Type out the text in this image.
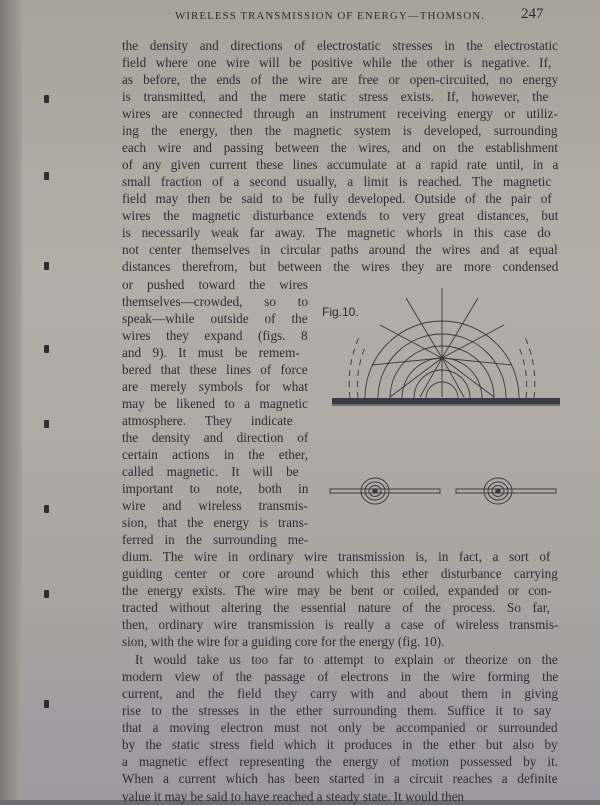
WIRELESS TRANSMISSION OF ENERGY—THOMSON. 247
the density and directions of electrostatic stresses in the electrostatic
field where one wire will be positive while the other is negative. If,
as before, the ends of the wire are free or open-circuited, no energy
is transmitted, and the mere static stress exists. If, however, the
wires are connected through an instrument receiving energy or utiliz-
ing the energy, then the magnetic system is developed, surrounding
each wire and passing between the wires, and on the establishment
of any given current these lines accumulate at a rapid rate until, in a
small fraction of a second usually, a limit is reached. The magnetic
field may then be said to be fully developed. Outside of the pair of
wires the magnetic disturbance extends to very great distances, but
is necessarily weak far away. The magnetic whorls in this case do
not center themselves in circular paths around the wires and at equal
distances therefrom, but between the wires they are more condensed
or pushed toward the wires
themselves—crowded, so to
speak—while outside of the
wires they expand (figs. 8
and 9). It must be remem-
bered that these lines of force
are merely symbols for what
may be likened to a magnetic
atmosphere. They indicate
the density and direction of
certain actions in the ether,
called magnetic. It will be
important to note, both in
wire and wireless transmis-
sion, that the energy is trans-
ferred in the surrounding me-
dium. The wire in ordinary wire transmission is, in fact, a sort of
guiding center or core around which this ether disturbance carrying
the energy exists. The wire may be bent or coiled, expanded or con-
tracted without altering the essential nature of the process. So far,
then, ordinary wire transmission is really a case of wireless transmis-
sion, with the wire for a guiding core for the energy (fig. 10).
It would take us too far to attempt to explain or theorize on the
modern view of the passage of electrons in the wire forming the
current, and the field they carry with and about them in giving
rise to the stresses in the ether surrounding them. Suffice it to say
that a moving electron must not only be accompanied or surrounded
by the static stress field which it produces in the ether but also by
a magnetic effect representing the energy of motion possessed by it.
When a current which has been started in a circuit reaches a definite
value it may be said to have reached a steady state. It would then
Fig.10.
